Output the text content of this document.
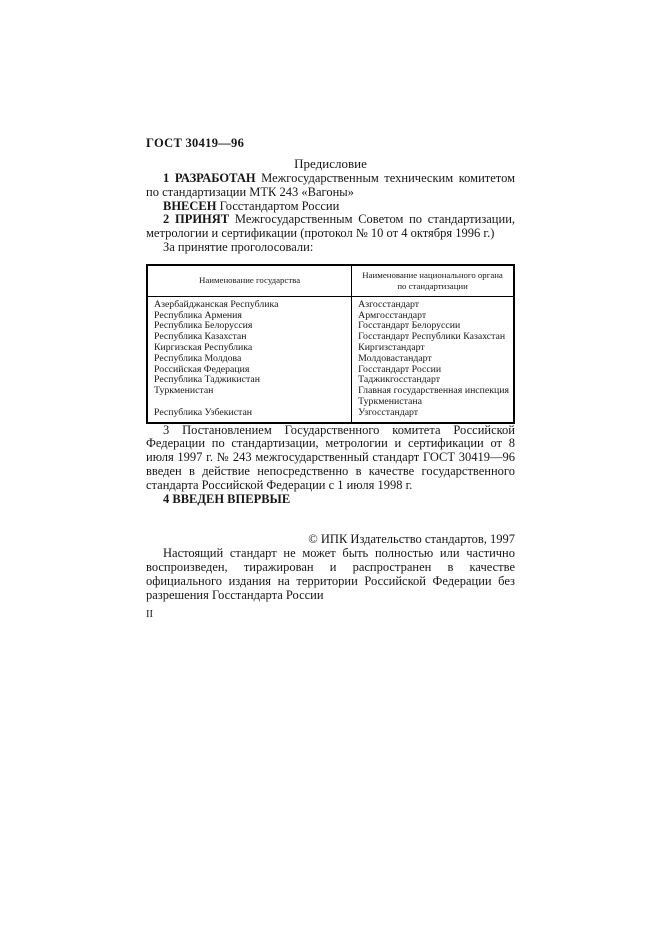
ГОСТ 30419—96
Предисловие

1 РАЗРАБОТАН Межгосударственным техническим комитетом по стандартизации МТК 243 «Вагоны»

ВНЕСЕН Госстандартом России

2 ПРИНЯТ Межгосударственным Советом по стандартизации, метрологии и сертификации (протокол № 10 от 4 октября 1996 г.)

За принятие проголосовали:

Наименование государства	Наименование национального органа по стандартизации
Азербайджанская Республика	Азгосстандарт
Республика Армения	Армгосстандарт
Республика Белоруссия	Госстандарт Белоруссии
Республика Казахстан	Госстандарт Республики Казахстан
Киргизская Республика	Киргизстандарт
Республика Молдова	Молдовастандарт
Российская Федерация	Госстандарт России
Республика Таджикистан	Таджикгосстандарт
Туркменистан	Главная государственная инспекция Туркменистана
Республика Узбекистан	Узгосстандарт

3 Постановлением Государственного комитета Российской Федерации по стандартизации, метрологии и сертификации от 8 июля 1997 г. № 243 межгосударственный стандарт ГОСТ 30419—96 введен в действие непосредственно в качестве государственного стандарта Российской Федерации с 1 июля 1998 г.

4 ВВЕДЕН ВПЕРВЫЕ

© ИПК Издательство стандартов, 1997

Настоящий стандарт не может быть полностью или частично воспроизведен, тиражирован и распространен в качестве официального издания на территории Российской Федерации без разрешения Госстандарта России

II
